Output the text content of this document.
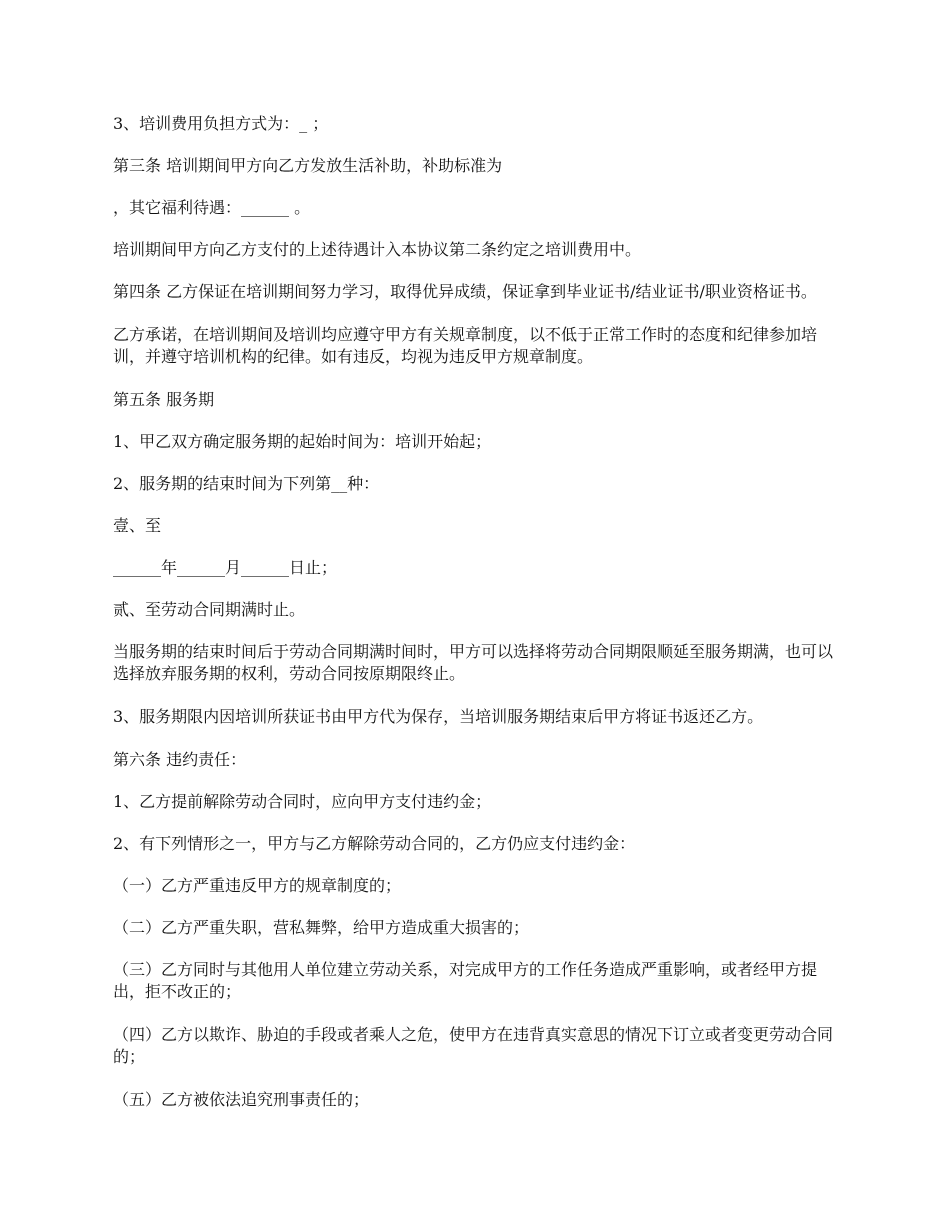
3、培训费用负担方式为：_ ；

第三条 培训期间甲方向乙方发放生活补助，补助标准为

，其它福利待遇：______ 。

培训期间甲方向乙方支付的上述待遇计入本协议第二条约定之培训费用中。

第四条 乙方保证在培训期间努力学习，取得优异成绩，保证拿到毕业证书/结业证书/职业资格证书。

乙方承诺，在培训期间及培训均应遵守甲方有关规章制度，以不低于正常工作时的态度和纪律参加培训，并遵守培训机构的纪律。如有违反，均视为违反甲方规章制度。

第五条 服务期

1、甲乙双方确定服务期的起始时间为：培训开始起；

2、服务期的结束时间为下列第__种：

壹、至

______年______月______日止；

贰、至劳动合同期满时止。

当服务期的结束时间后于劳动合同期满时间时，甲方可以选择将劳动合同期限顺延至服务期满，也可以选择放弃服务期的权利，劳动合同按原期限终止。

3、服务期限内因培训所获证书由甲方代为保存，当培训服务期结束后甲方将证书返还乙方。

第六条 违约责任：

1、乙方提前解除劳动合同时，应向甲方支付违约金；

2、有下列情形之一，甲方与乙方解除劳动合同的，乙方仍应支付违约金：

（一）乙方严重违反甲方的规章制度的；

（二）乙方严重失职，营私舞弊，给甲方造成重大损害的；

（三）乙方同时与其他用人单位建立劳动关系，对完成甲方的工作任务造成严重影响，或者经甲方提出，拒不改正的；

（四）乙方以欺诈、胁迫的手段或者乘人之危，使甲方在违背真实意思的情况下订立或者变更劳动合同的；

（五）乙方被依法追究刑事责任的；
